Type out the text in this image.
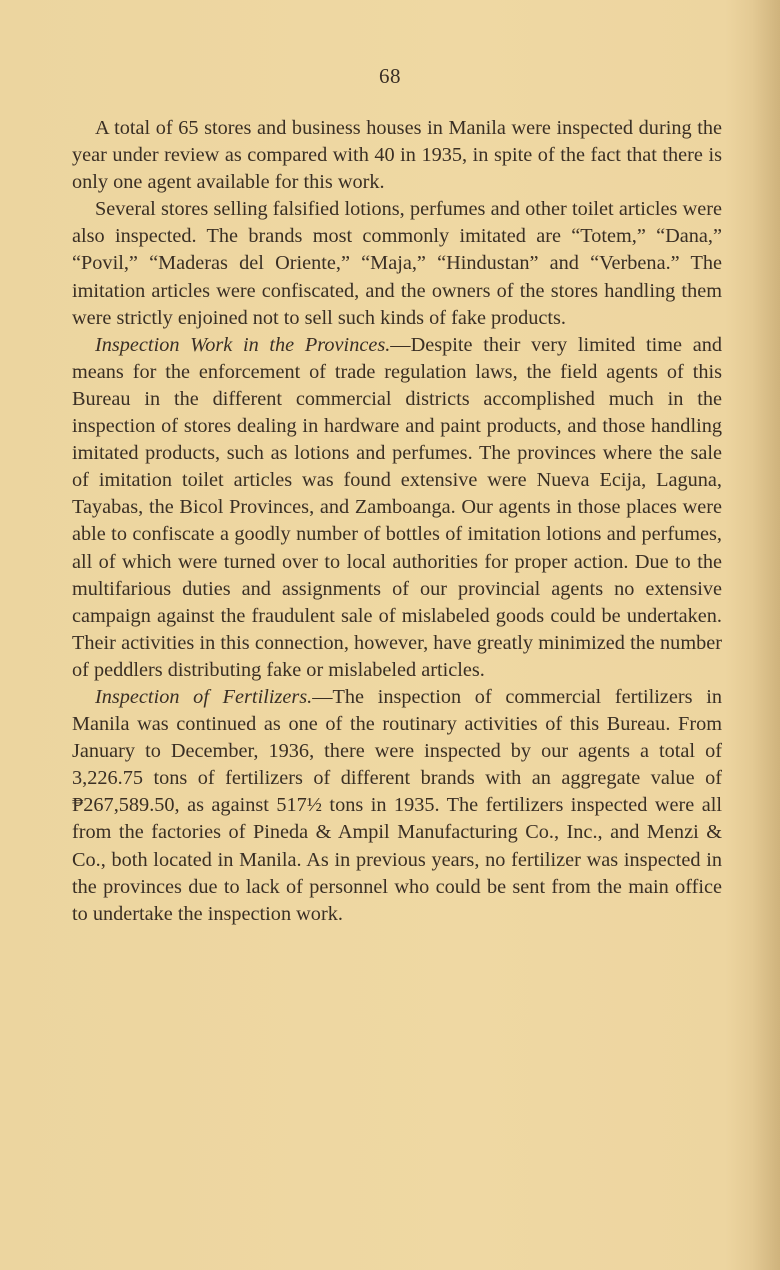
68

A total of 65 stores and business houses in Manila were inspected during the year under review as compared with 40 in 1935, in spite of the fact that there is only one agent available for this work.

Several stores selling falsified lotions, perfumes and other toilet articles were also inspected. The brands most commonly imitated are “Totem,” “Dana,” “Povil,” “Maderas del Oriente,” “Maja,” “Hindustan” and “Verbena.” The imitation articles were confiscated, and the owners of the stores handling them were strictly enjoined not to sell such kinds of fake products.

Inspection Work in the Provinces.—Despite their very limited time and means for the enforcement of trade regulation laws, the field agents of this Bureau in the different commercial districts accomplished much in the inspection of stores dealing in hardware and paint products, and those handling imitated products, such as lotions and perfumes. The provinces where the sale of imitation toilet articles was found extensive were Nueva Ecija, Laguna, Tayabas, the Bicol Provinces, and Zamboanga. Our agents in those places were able to confiscate a goodly number of bottles of imitation lotions and perfumes, all of which were turned over to local authorities for proper action. Due to the multifarious duties and assignments of our provincial agents no extensive campaign against the fraudulent sale of mislabeled goods could be undertaken. Their activities in this connection, however, have greatly minimized the number of peddlers distributing fake or mislabeled articles.

Inspection of Fertilizers.—The inspection of commercial fertilizers in Manila was continued as one of the routinary activities of this Bureau. From January to December, 1936, there were inspected by our agents a total of 3,226.75 tons of fertilizers of different brands with an aggregate value of ₱267,589.50, as against 517½ tons in 1935. The fertilizers inspected were all from the factories of Pineda & Ampil Manufacturing Co., Inc., and Menzi & Co., both located in Manila. As in previous years, no fertilizer was inspected in the provinces due to lack of personnel who could be sent from the main office to undertake the inspection work.
